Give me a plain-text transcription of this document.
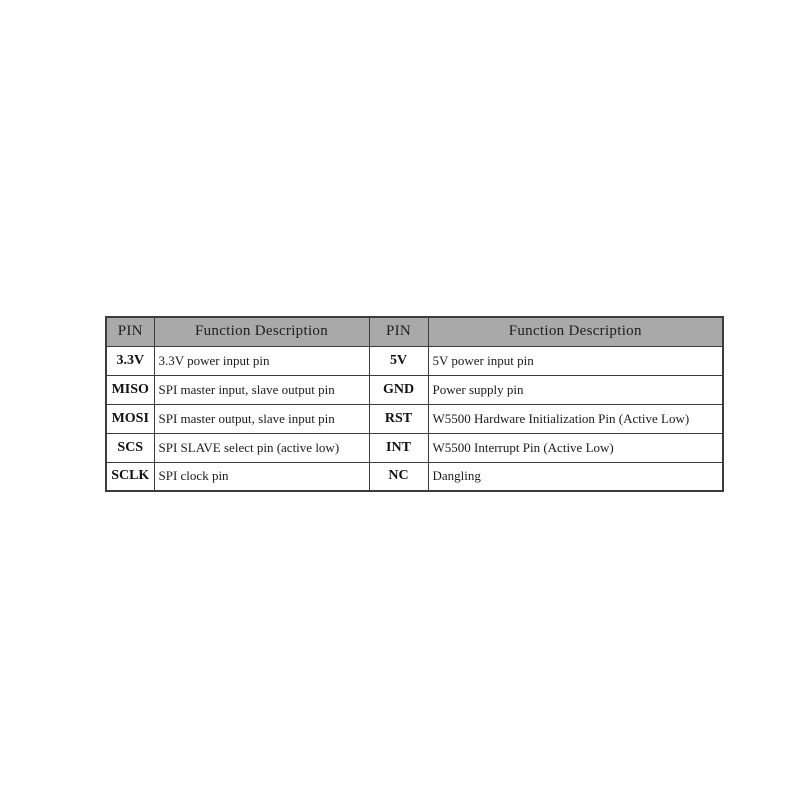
PIN	Function Description	PIN	Function Description
3.3V	3.3V power input pin	5V	5V power input pin
MISO	SPI master input, slave output pin	GND	Power supply pin
MOSI	SPI master output, slave input pin	RST	W5500 Hardware Initialization Pin (Active Low)
SCS	SPI SLAVE select pin (active low)	INT	W5500 Interrupt Pin (Active Low)
SCLK	SPI clock pin	NC	Dangling
